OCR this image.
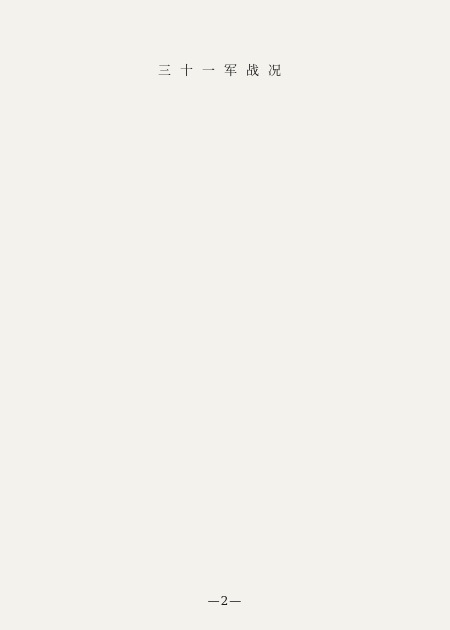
三十一军战况

—2—
